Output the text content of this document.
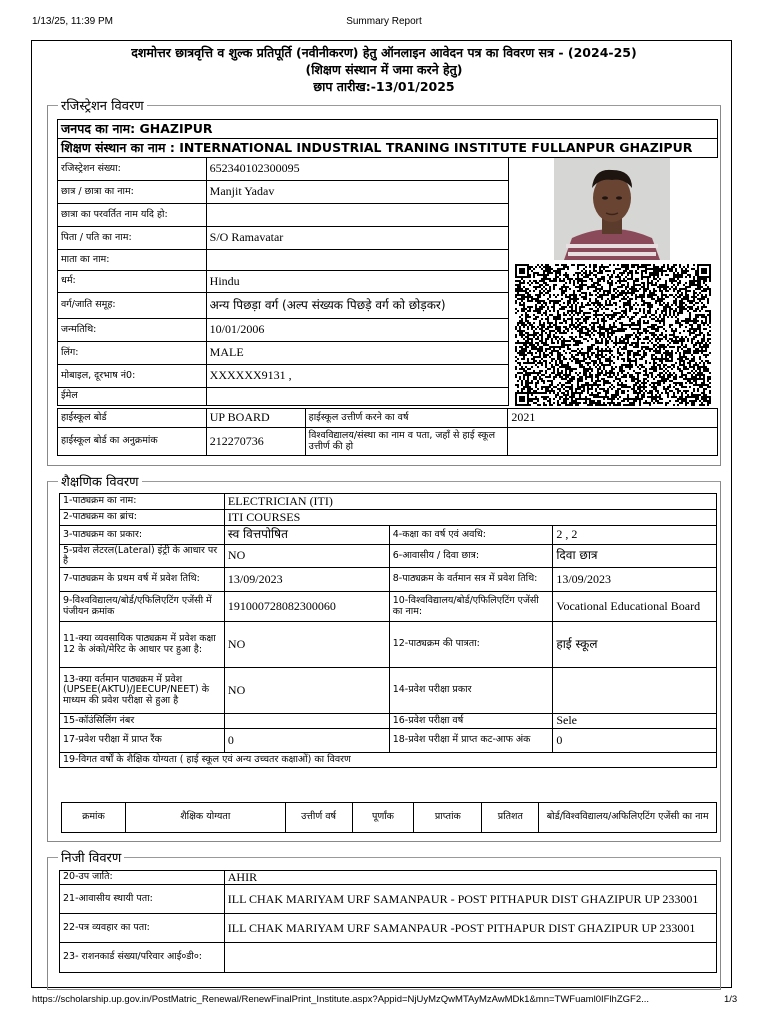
1/13/25, 11:39 PM	Summary Report
दशमोत्तर छात्रवृत्ति व शुल्क प्रतिपूर्ति (नवीनीकरण) हेतु ऑनलाइन आवेदन पत्र का विवरण सत्र - (2024-25)
(शिक्षण संस्थान में जमा करने हेतु)
छाप तारीख:-13/01/2025
रजिस्ट्रेशन विवरण
जनपद का नाम: GHAZIPUR
शिक्षण संस्थान का नाम : INTERNATIONAL INDUSTRIAL TRANING INSTITUTE FULLANPUR GHAZIPUR
रजिस्ट्रेशन संख्या:	652340102300095
छात्र / छात्रा का नाम:	Manjit Yadav
छात्रा का परवर्तित नाम यदि हो:	
पिता / पति का नाम:	S/O Ramavatar
माता का नाम:	
धर्म:	Hindu
वर्ग/जाति समूह:	अन्य पिछड़ा वर्ग (अल्प संख्यक पिछड़े वर्ग को छोड़कर)
जन्मतिथि:	10/01/2006
लिंग:	MALE
मोबाइल, दूरभाष नं0:	XXXXXX9131 ,
ईमेल	
हाईस्कूल बोर्ड	UP BOARD	हाईस्कूल उत्तीर्ण करने का वर्ष	2021
हाईस्कूल बोर्ड का अनुक्रमांक	212270736	विश्वविद्यालय/संस्था का नाम व पता, जहाँ से हाई स्कूल उत्तीर्ण की हो	
शैक्षणिक विवरण
1-पाठ्यक्रम का नाम:	ELECTRICIAN (ITI)		
2-पाठ्यक्रम का ब्रांच:	ITI COURSES		
3-पाठ्यक्रम का प्रकार:	स्व वित्तपोषित	4-कक्षा का वर्ष एवं अवधि:	2 , 2
5-प्रवेश लेटरल(Lateral) इंट्री के आधार पर है	NO	6-आवासीय / दिवा छात्र:	दिवा छात्र
7-पाठ्यक्रम के प्रथम वर्ष में प्रवेश तिथि:	13/09/2023	8-पाठ्यक्रम के वर्तमान सत्र में प्रवेश तिथि:	13/09/2023
9-विश्वविद्यालय/बोर्ड/एफिलिएटिंग एजेंसी में पंजीयन क्रमांक	191000728082300060	10-विश्वविद्यालय/बोर्ड/एफिलिएटिंग एजेंसी का नाम:	Vocational Educational Board
11-क्या व्यवसायिक पाठ्यक्रम में प्रवेश कक्षा 12 के अंको/मेरिट के आधार पर हुआ है:	NO	12-पाठ्यक्रम की पात्रता:	हाई स्कूल
13-क्या वर्तमान पाठ्यक्रम में प्रवेश (UPSEE(AKTU)/JEECUP/NEET) के माध्यम की प्रवेश परीक्षा से हुआ है	NO	14-प्रवेश परीक्षा प्रकार	
15-कॉउंसिलिंग नंबर		16-प्रवेश परीक्षा वर्ष	Sele
17-प्रवेश परीक्षा में प्राप्त रैंक	0	18-प्रवेश परीक्षा में प्राप्त कट-आफ अंक	0
19-विगत वर्षों के शैक्षिक योग्यता ( हाई स्कूल एवं अन्य उच्चतर कक्षाओं) का विवरण			
क्रमांक	शैक्षिक योग्यता	उत्तीर्ण वर्ष	पूर्णांक	प्राप्तांक	प्रतिशत	बोर्ड/विश्वविद्यालय/अफिलिएटिंग एजेंसी का नाम
निजी विवरण
20-उप जाति:	AHIR
21-आवासीय स्थायी पता:	ILL CHAK MARIYAM URF SAMANPAUR - POST PITHAPUR DIST GHAZIPUR UP 233001
22-पत्र व्यवहार का पता:	ILL CHAK MARIYAM URF SAMANPAUR -POST PITHAPUR DIST GHAZIPUR UP 233001
23- राशनकार्ड संख्या/परिवार आई०डी०:	
https://scholarship.up.gov.in/PostMatric_Renewal/RenewFinalPrint_Institute.aspx?Appid=NjUyMzQwMTAyMzAwMDk1&mn=TWFuaml0IFlhZGF2...	1/3
